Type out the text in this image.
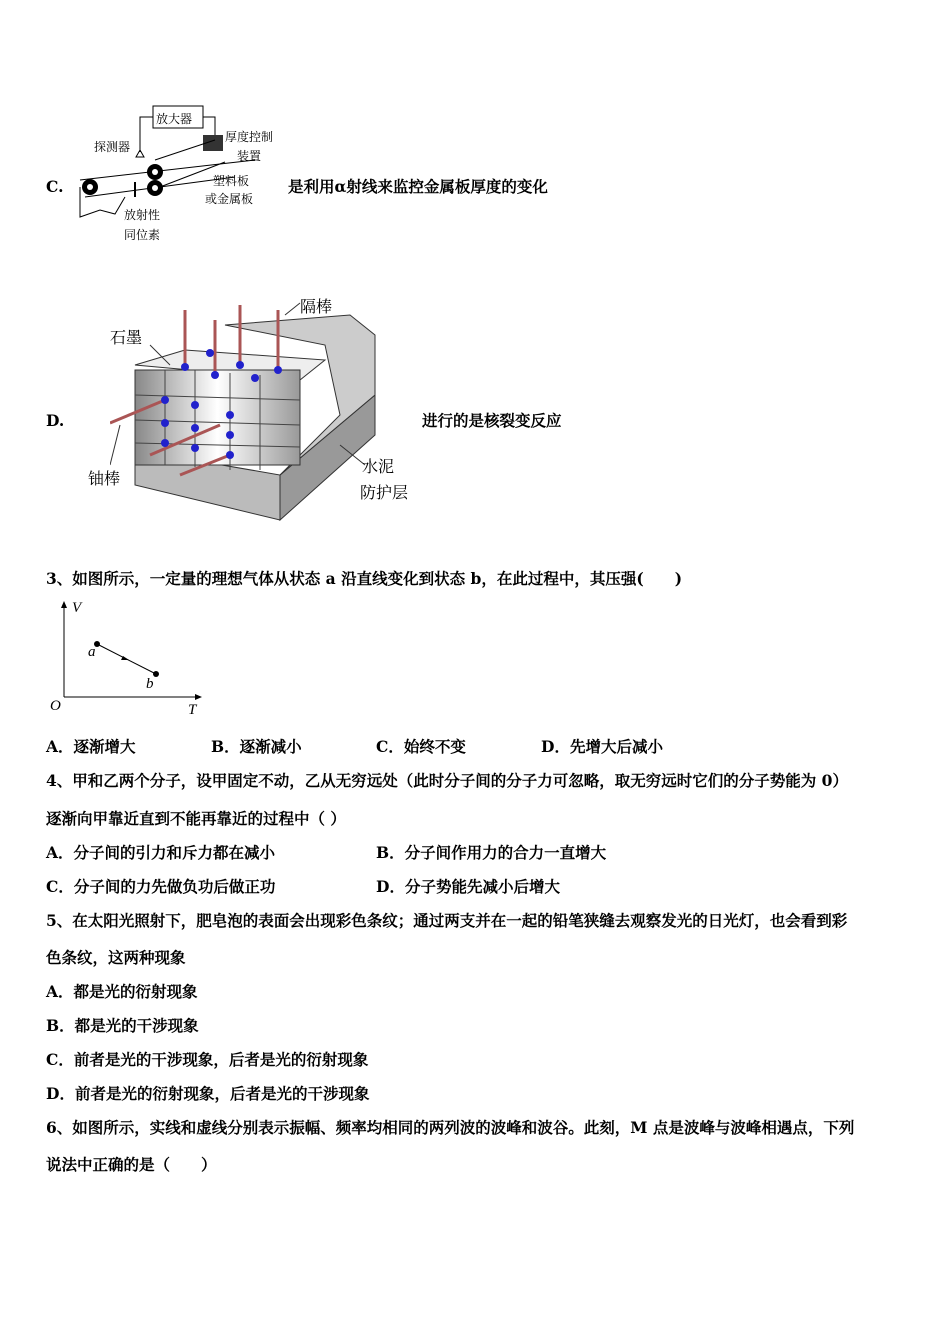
C.
放大器
探测器
厚度控制
装置
塑料板
或金属板
放射性
同位素
是利用α射线来监控金属板厚度的变化
D.
石墨
隔棒
铀棒
水泥
防护层
进行的是核裂变反应
3、如图所示，一定量的理想气体从状态 a 沿直线变化到状态 b，在此过程中，其压强(　　)
V
T
O
a
b
A．逐渐增大	B．逐渐减小	C．始终不变	D．先增大后减小
4、甲和乙两个分子，设甲固定不动，乙从无穷远处（此时分子间的分子力可忽略，取无穷远时它们的分子势能为 0）
逐渐向甲靠近直到不能再靠近的过程中（ ）
A．分子间的引力和斥力都在减小	B．分子间作用力的合力一直增大
C．分子间的力先做负功后做正功	D．分子势能先减小后增大
5、在太阳光照射下，肥皂泡的表面会出现彩色条纹；通过两支并在一起的铅笔狭缝去观察发光的日光灯，也会看到彩
色条纹，这两种现象
A．都是光的衍射现象
B．都是光的干涉现象
C．前者是光的干涉现象，后者是光的衍射现象
D．前者是光的衍射现象，后者是光的干涉现象
6、如图所示，实线和虚线分别表示振幅、频率均相同的两列波的波峰和波谷。此刻，M 点是波峰与波峰相遇点，下列
说法中正确的是（　　）
